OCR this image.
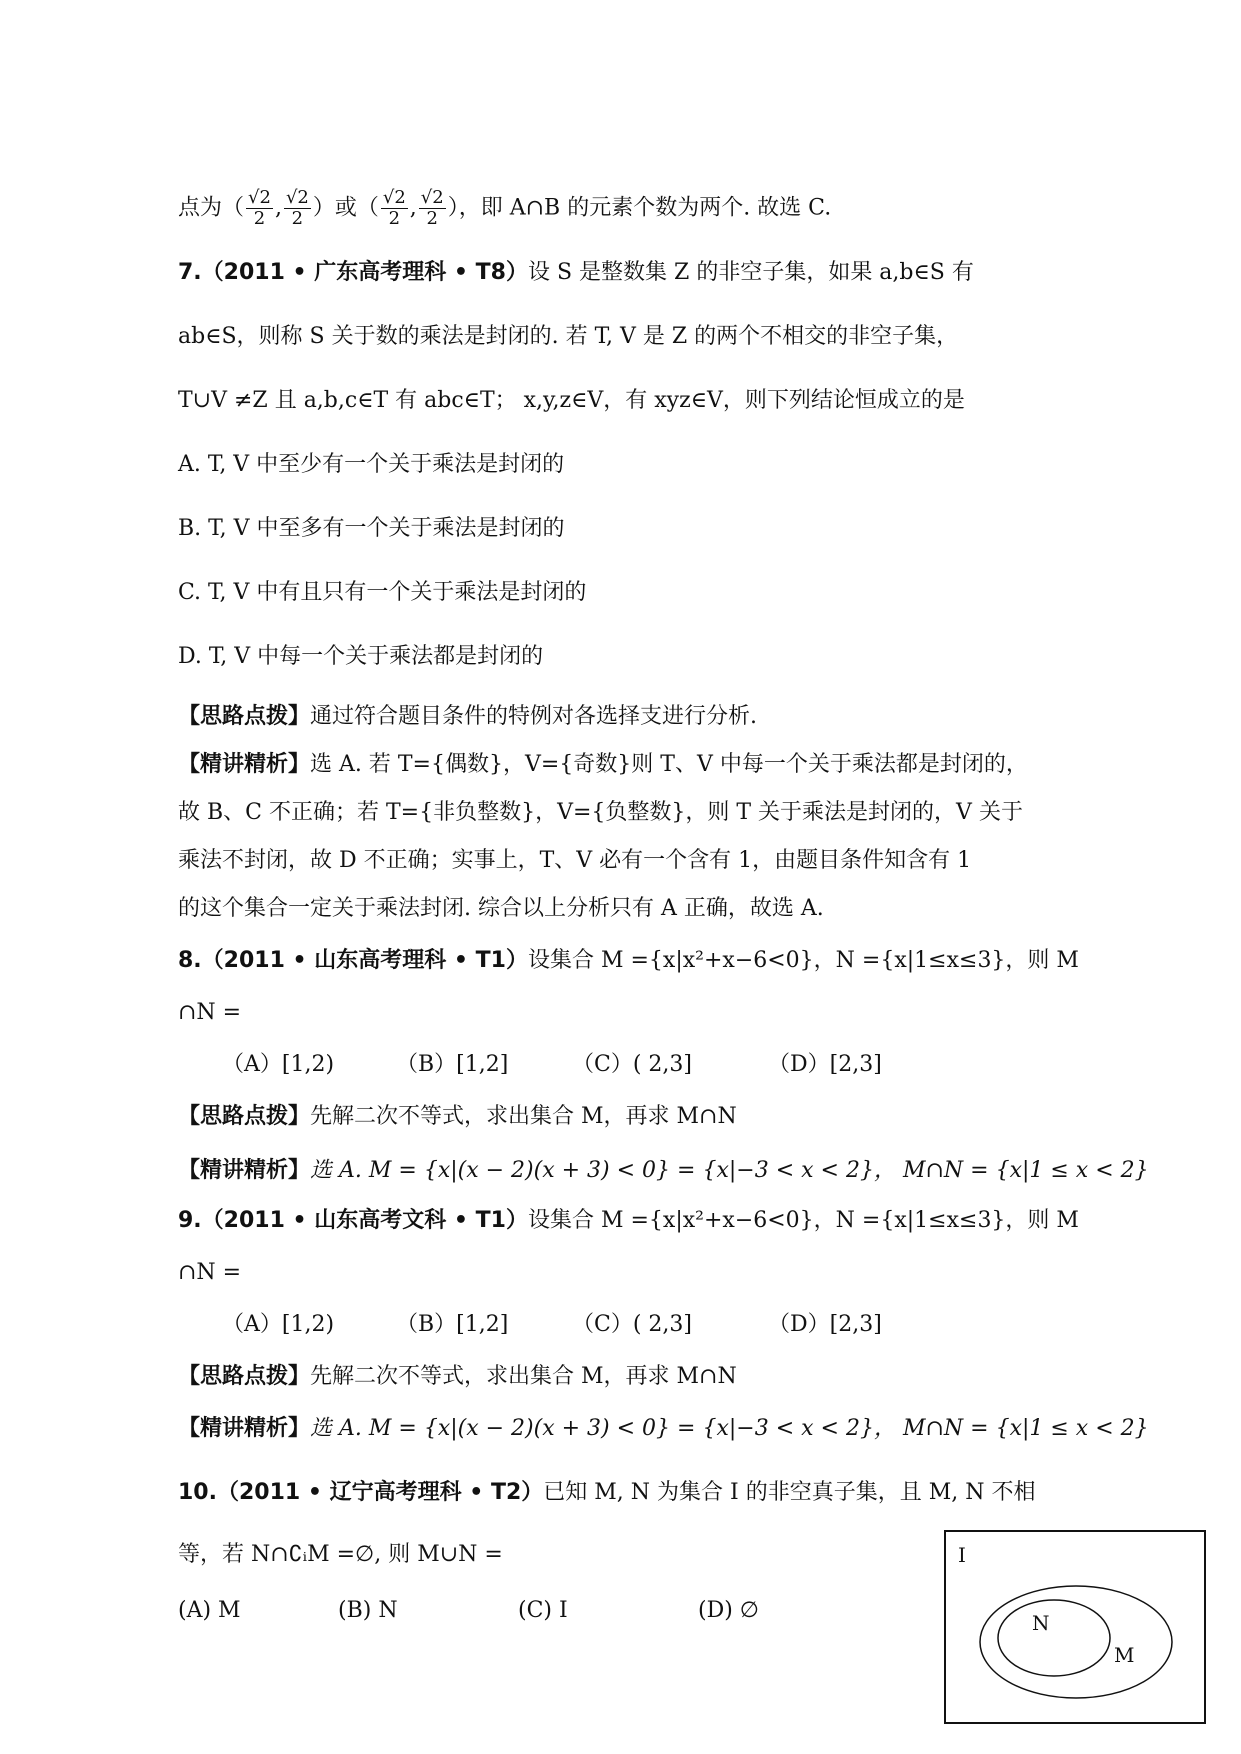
点为（ $\frac{√2}{2}$ , $\frac{√2}{2}$ ）或（ $\frac{√2}{2}$ , $\frac{√2}{2}$ ），即 A∩B 的元素个数为两个. 故选 C.
7.（2011 • 广东高考理科 • T8）设 S 是整数集 Z 的非空子集，如果 a,b∈S 有
ab∈S，则称 S 关于数的乘法是封闭的. 若 T, V 是 Z 的两个不相交的非空子集，
T∪V ≠Z 且 a,b,c∈T 有 abc∈T； x,y,z∈V，有 xyz∈V，则下列结论恒成立的是
A. T, V 中至少有一个关于乘法是封闭的
B. T, V 中至多有一个关于乘法是封闭的
C. T, V 中有且只有一个关于乘法是封闭的
D. T, V 中每一个关于乘法都是封闭的
【思路点拨】通过符合题目条件的特例对各选择支进行分析.
【精讲精析】选 A. 若 T={偶数}，V={奇数}则 T、V 中每一个关于乘法都是封闭的，
故 B、C 不正确；若 T={非负整数}，V={负整数}，则 T 关于乘法是封闭的，V 关于
乘法不封闭，故 D 不正确；实事上，T、V 必有一个含有 1，由题目条件知含有 1
的这个集合一定关于乘法封闭. 综合以上分析只有 A 正确，故选 A.
8.（2011 • 山东高考理科 • T1）设集合 M ={x|x²+x−6<0}，N ={x|1≤x≤3}，则 M
∩N =
（A）[1,2)	（B）[1,2]	（C）( 2,3]	（D）[2,3]
【思路点拨】先解二次不等式，求出集合 M，再求 M∩N
【精讲精析】选 A. M = {x|(x − 2)(x + 3) < 0} = {x|−3 < x < 2}， M∩N = {x|1 ≤ x < 2}
9.（2011 • 山东高考文科 • T1）设集合 M ={x|x²+x−6<0}，N ={x|1≤x≤3}，则 M
∩N =
（A）[1,2)	（B）[1,2]	（C）( 2,3]	（D）[2,3]
【思路点拨】先解二次不等式，求出集合 M，再求 M∩N
【精讲精析】选 A. M = {x|(x − 2)(x + 3) < 0} = {x|−3 < x < 2}， M∩N = {x|1 ≤ x < 2}
10.（2011 • 辽宁高考理科 • T2）已知 M, N 为集合 I 的非空真子集，且 M, N 不相
等，若 N∩∁ᵢM =∅, 则 M∪N =
(A) M	(B) N	(C) I	(D) ∅
I
N
M
